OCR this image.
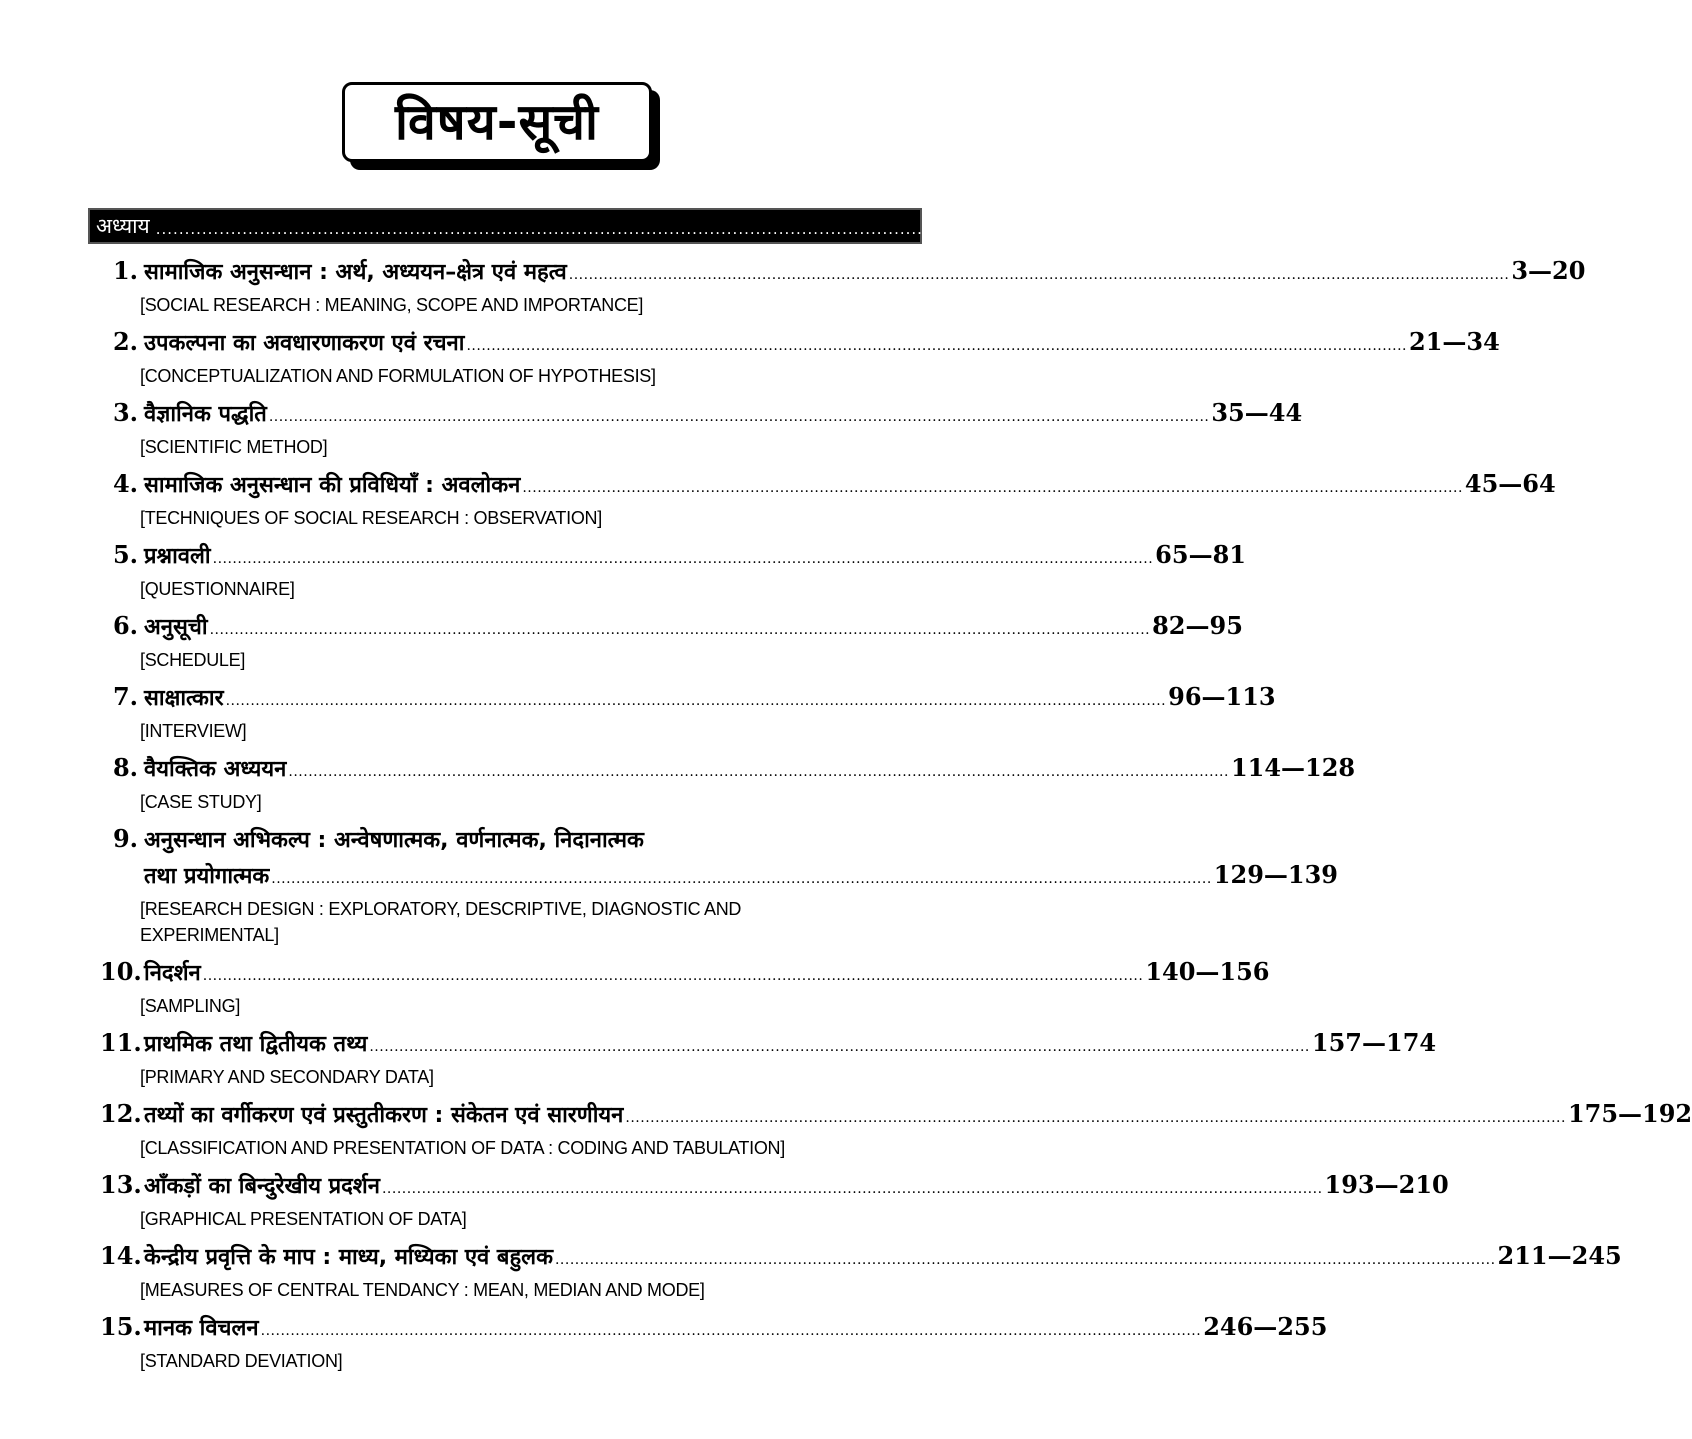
विषय-सूची
अध्याय ......................................................................................................................................................................
पृष्ठ–संख्या
1. सामाजिक अनुसन्धान : अर्थ, अध्ययन–क्षेत्र एवं महत्व .............................................................................................................................................................................................. 3—20
[SOCIAL RESEARCH : MEANING, SCOPE AND IMPORTANCE]
2. उपकल्पना का अवधारणाकरण एवं रचना .............................................................................................................................................................................................. 21—34
[CONCEPTUALIZATION AND FORMULATION OF HYPOTHESIS]
3. वैज्ञानिक पद्धति .............................................................................................................................................................................................. 35—44
[SCIENTIFIC METHOD]
4. सामाजिक अनुसन्धान की प्रविधियाँ : अवलोकन .............................................................................................................................................................................................. 45—64
[TECHNIQUES OF SOCIAL RESEARCH : OBSERVATION]
5. प्रश्नावली .............................................................................................................................................................................................. 65—81
[QUESTIONNAIRE]
6. अनुसूची .............................................................................................................................................................................................. 82—95
[SCHEDULE]
7. साक्षात्कार .............................................................................................................................................................................................. 96—113
[INTERVIEW]
8. वैयक्तिक अध्ययन .............................................................................................................................................................................................. 114—128
[CASE STUDY]
9. अनुसन्धान अभिकल्प : अन्वेषणात्मक, वर्णनात्मक, निदानात्मक
तथा प्रयोगात्मक .............................................................................................................................................................................................. 129—139
[RESEARCH DESIGN : EXPLORATORY, DESCRIPTIVE, DIAGNOSTIC AND EXPERIMENTAL]
10. निदर्शन .............................................................................................................................................................................................. 140—156
[SAMPLING]
11. प्राथमिक तथा द्वितीयक तथ्य .............................................................................................................................................................................................. 157—174
[PRIMARY AND SECONDARY DATA]
12. तथ्यों का वर्गीकरण एवं प्रस्तुतीकरण : संकेतन एवं सारणीयन .............................................................................................................................................................................................. 175—192
[CLASSIFICATION AND PRESENTATION OF DATA : CODING AND TABULATION]
13. आँकड़ों का बिन्दुरेखीय प्रदर्शन .............................................................................................................................................................................................. 193—210
[GRAPHICAL PRESENTATION OF DATA]
14. केन्द्रीय प्रवृत्ति के माप : माध्य, मध्यिका एवं बहुलक .............................................................................................................................................................................................. 211—245
[MEASURES OF CENTRAL TENDANCY : MEAN, MEDIAN AND MODE]
15. मानक विचलन .............................................................................................................................................................................................. 246—255
[STANDARD DEVIATION]
